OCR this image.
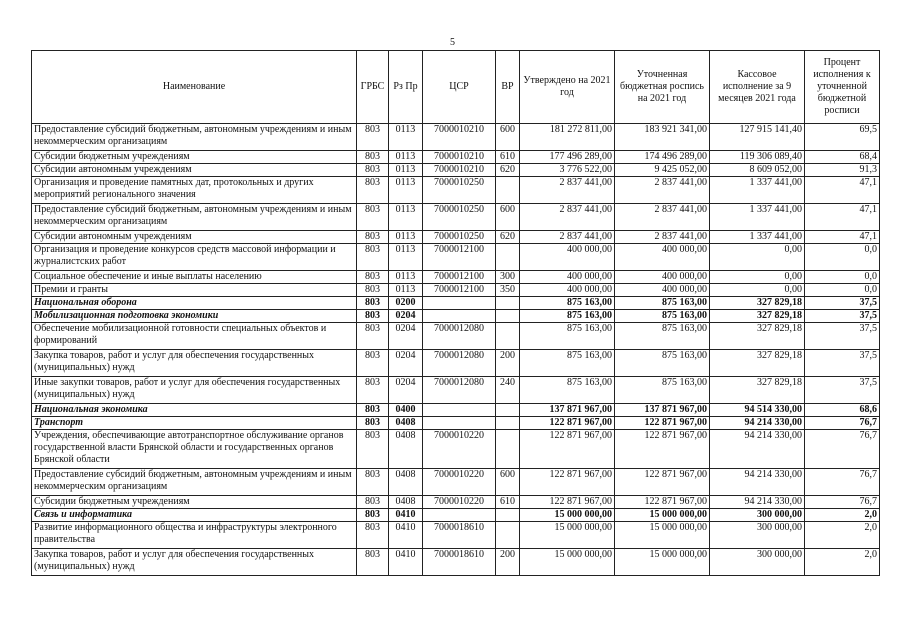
5
Наименование	ГРБС	Рз Пр	ЦСР	ВР	Утверждено на 2021 год	Уточненная бюджетная роспись на 2021 год	Кассовое исполнение за 9 месяцев 2021 года	Процент исполнения к уточненной бюджетной росписи
Предоставление субсидий бюджетным, автономным учреждениям и иным некоммерческим организациям	803	0113	7000010210	600	181 272 811,00	183 921 341,00	127 915 141,40	69,5
Субсидии бюджетным учреждениям	803	0113	7000010210	610	177 496 289,00	174 496 289,00	119 306 089,40	68,4
Субсидии автономным учреждениям	803	0113	7000010210	620	3 776 522,00	9 425 052,00	8 609 052,00	91,3
Организация и проведение памятных дат, протокольных и других мероприятий регионального значения	803	0113	7000010250		2 837 441,00	2 837 441,00	1 337 441,00	47,1
Предоставление субсидий бюджетным, автономным учреждениям и иным некоммерческим организациям	803	0113	7000010250	600	2 837 441,00	2 837 441,00	1 337 441,00	47,1
Субсидии автономным учреждениям	803	0113	7000010250	620	2 837 441,00	2 837 441,00	1 337 441,00	47,1
Организация и проведение конкурсов средств массовой информации и журналистских работ	803	0113	7000012100		400 000,00	400 000,00	0,00	0,0
Социальное обеспечение и иные выплаты населению	803	0113	7000012100	300	400 000,00	400 000,00	0,00	0,0
Премии и гранты	803	0113	7000012100	350	400 000,00	400 000,00	0,00	0,0
Национальная оборона	803	0200			875 163,00	875 163,00	327 829,18	37,5
Мобилизационная подготовка экономики	803	0204			875 163,00	875 163,00	327 829,18	37,5
Обеспечение мобилизационной готовности специальных объектов и формирований	803	0204	7000012080		875 163,00	875 163,00	327 829,18	37,5
Закупка товаров, работ и услуг для обеспечения государственных (муниципальных) нужд	803	0204	7000012080	200	875 163,00	875 163,00	327 829,18	37,5
Иные закупки товаров, работ и услуг для обеспечения государственных (муниципальных) нужд	803	0204	7000012080	240	875 163,00	875 163,00	327 829,18	37,5
Национальная экономика	803	0400			137 871 967,00	137 871 967,00	94 514 330,00	68,6
Транспорт	803	0408			122 871 967,00	122 871 967,00	94 214 330,00	76,7
Учреждения, обеспечивающие автотранспортное обслуживание органов государственной власти Брянской области и государственных органов Брянской области	803	0408	7000010220		122 871 967,00	122 871 967,00	94 214 330,00	76,7
Предоставление субсидий бюджетным, автономным учреждениям и иным некоммерческим организациям	803	0408	7000010220	600	122 871 967,00	122 871 967,00	94 214 330,00	76,7
Субсидии бюджетным учреждениям	803	0408	7000010220	610	122 871 967,00	122 871 967,00	94 214 330,00	76,7
Связь и информатика	803	0410			15 000 000,00	15 000 000,00	300 000,00	2,0
Развитие информационного общества и инфраструктуры электронного правительства	803	0410	7000018610		15 000 000,00	15 000 000,00	300 000,00	2,0
Закупка товаров, работ и услуг для обеспечения государственных (муниципальных) нужд	803	0410	7000018610	200	15 000 000,00	15 000 000,00	300 000,00	2,0
